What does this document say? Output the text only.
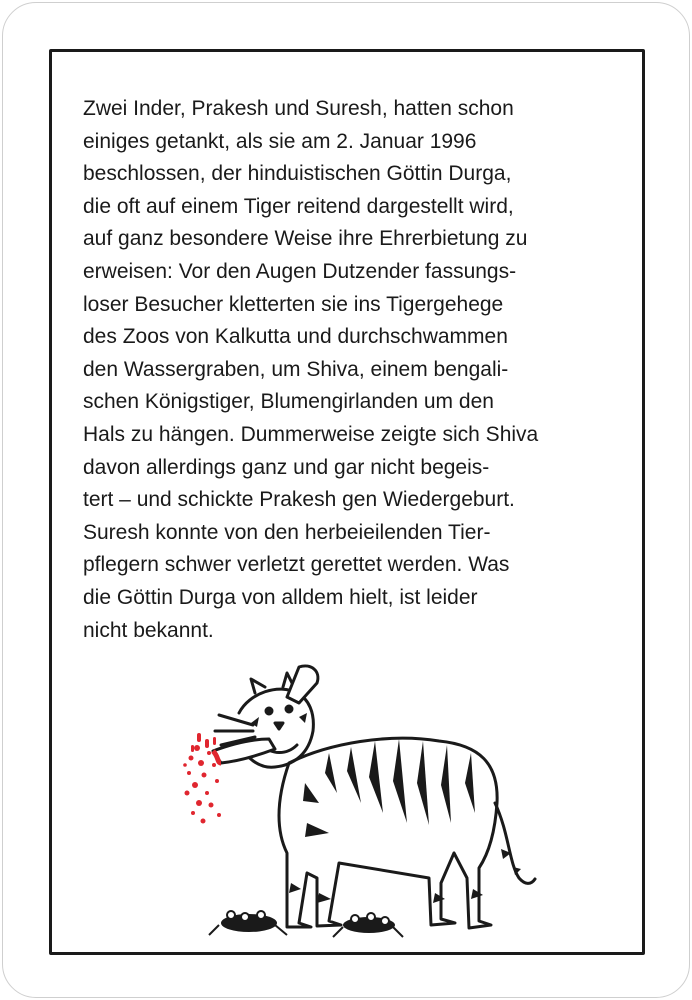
Zwei Inder, Prakesh und Suresh, hatten schon
einiges getankt, als sie am 2. Januar 1996
beschlossen, der hinduistischen Göttin Durga,
die oft auf einem Tiger reitend dargestellt wird,
auf ganz besondere Weise ihre Ehrerbietung zu
erweisen: Vor den Augen Dutzender fassungs-
loser Besucher kletterten sie ins Tigergehege
des Zoos von Kalkutta und durchschwammen
den Wassergraben, um Shiva, einem bengali-
schen Königstiger, Blumengirlanden um den
Hals zu hängen. Dummerweise zeigte sich Shiva
davon allerdings ganz und gar nicht begeis-
tert – und schickte Prakesh gen Wiedergeburt.
Suresh konnte von den herbeieilenden Tier-
pflegern schwer verletzt gerettet werden. Was
die Göttin Durga von alldem hielt, ist leider
nicht bekannt.
